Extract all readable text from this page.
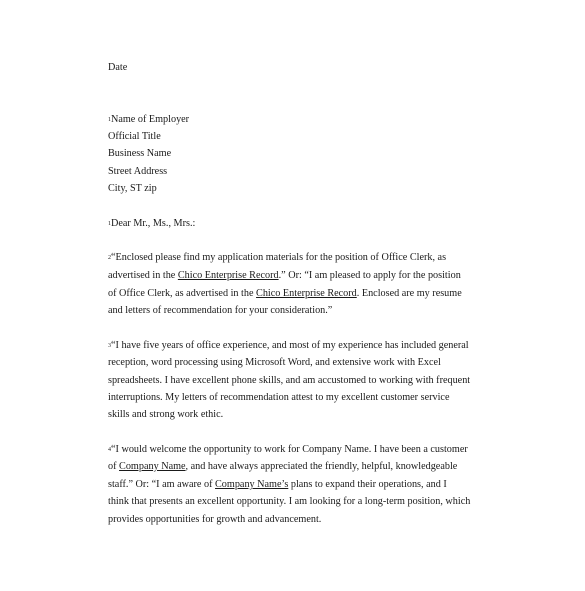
Date
$^1$Name of Employer
Official Title
Business Name
Street Address
City, ST zip
$^1$Dear Mr., Ms., Mrs.:
$^2$“Enclosed please find my application materials for the position of Office Clerk, as
advertised in the Chico Enterprise Record.” Or: “I am pleased to apply for the position
of Office Clerk, as advertised in the Chico Enterprise Record. Enclosed are my resume
and letters of recommendation for your consideration.”
$^3$“I have five years of office experience, and most of my experience has included general
reception, word processing using Microsoft Word, and extensive work with Excel
spreadsheets. I have excellent phone skills, and am accustomed to working with frequent
interruptions. My letters of recommendation attest to my excellent customer service
skills and strong work ethic.
$^4$“I would welcome the opportunity to work for Company Name. I have been a customer
of Company Name, and have always appreciated the friendly, helpful, knowledgeable
staff.” Or: “I am aware of Company Name’s plans to expand their operations, and I
think that presents an excellent opportunity. I am looking for a long-term position, which
provides opportunities for growth and advancement.
